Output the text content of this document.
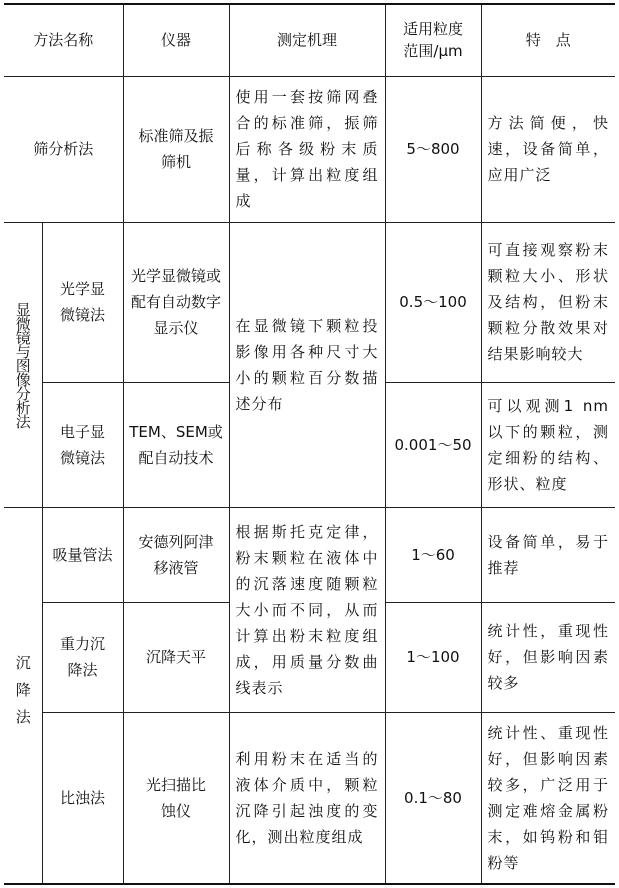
方法名称		仪器	测定机理	适用粒度范围/μm	特　点
筛分析法		标准筛及振筛机	使用一套按筛网叠合的标准筛，振筛后称各级粉末质量，计算出粒度组成	5～800	方法简便，快速，设备简单，应用广泛
显微镜与图像分析法	光学显微镜法	光学显微镜或配有自动数字显示仪	在显微镜下颗粒投影像用各种尺寸大小的颗粒百分数描述分布	0.5～100	可直接观察粉末颗粒大小、形状及结构，但粉末颗粒分散效果对结果影响较大
	电子显微镜法	TEM、SEM或配自动技术		0.001～50	可以观测1 nm以下的颗粒，测定细粉的结构、形状、粒度
沉降法	吸量管法	安德列阿津移液管	根据斯托克定律，粉末颗粒在液体中的沉落速度随颗粒大小而不同，从而计算出粉末粒度组成，用质量分数曲线表示	1～60	设备简单，易于推荐
	重力沉降法	沉降天平		1～100	统计性，重现性好，但影响因素较多
	比浊法	光扫描比蚀仪	利用粉末在适当的液体介质中，颗粒沉降引起浊度的变化，测出粒度组成	0.1～80	统计性、重现性好，但影响因素较多，广泛用于测定难熔金属粉末，如钨粉和钼粉等
